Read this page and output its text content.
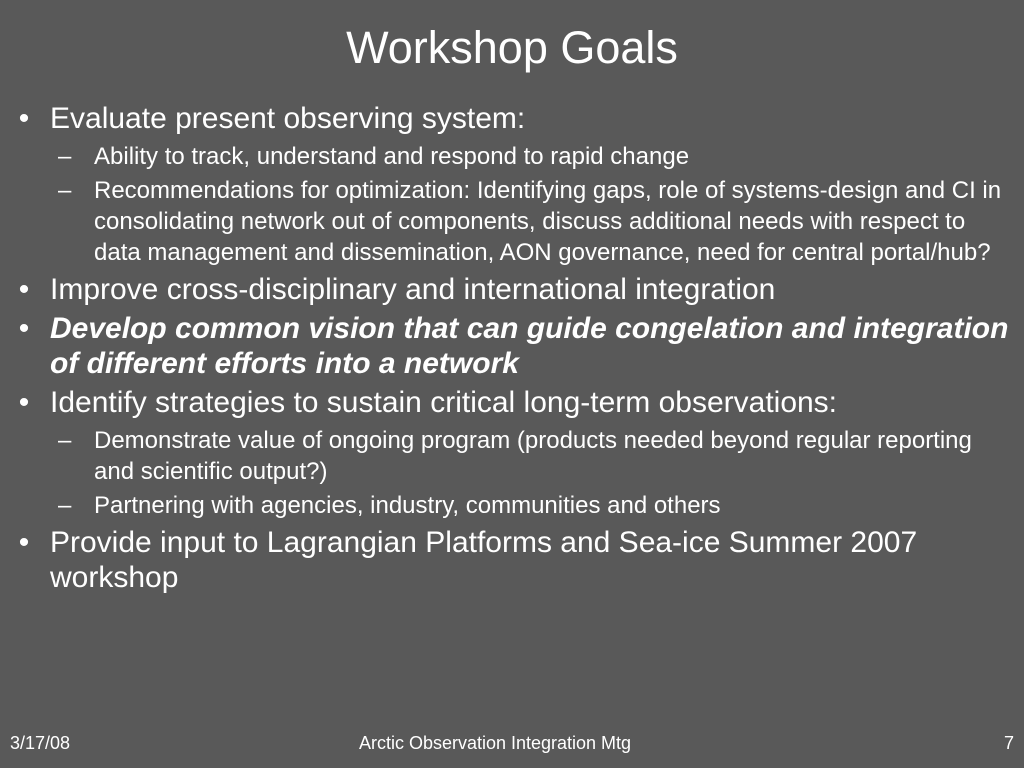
Workshop Goals
• Evaluate present observing system:
– Ability to track, understand and respond to rapid change
– Recommendations for optimization: Identifying gaps, role of systems-design and CI in consolidating network out of components, discuss additional needs with respect to data management and dissemination, AON governance, need for central portal/hub?
• Improve cross-disciplinary and international integration
• Develop common vision that can guide congelation and integration of different efforts into a network
• Identify strategies to sustain critical long-term observations:
– Demonstrate value of ongoing program (products needed beyond regular reporting and scientific output?)
– Partnering with agencies, industry, communities and others
• Provide input to Lagrangian Platforms and Sea-ice Summer 2007 workshop
3/17/08	Arctic Observation Integration Mtg	7
